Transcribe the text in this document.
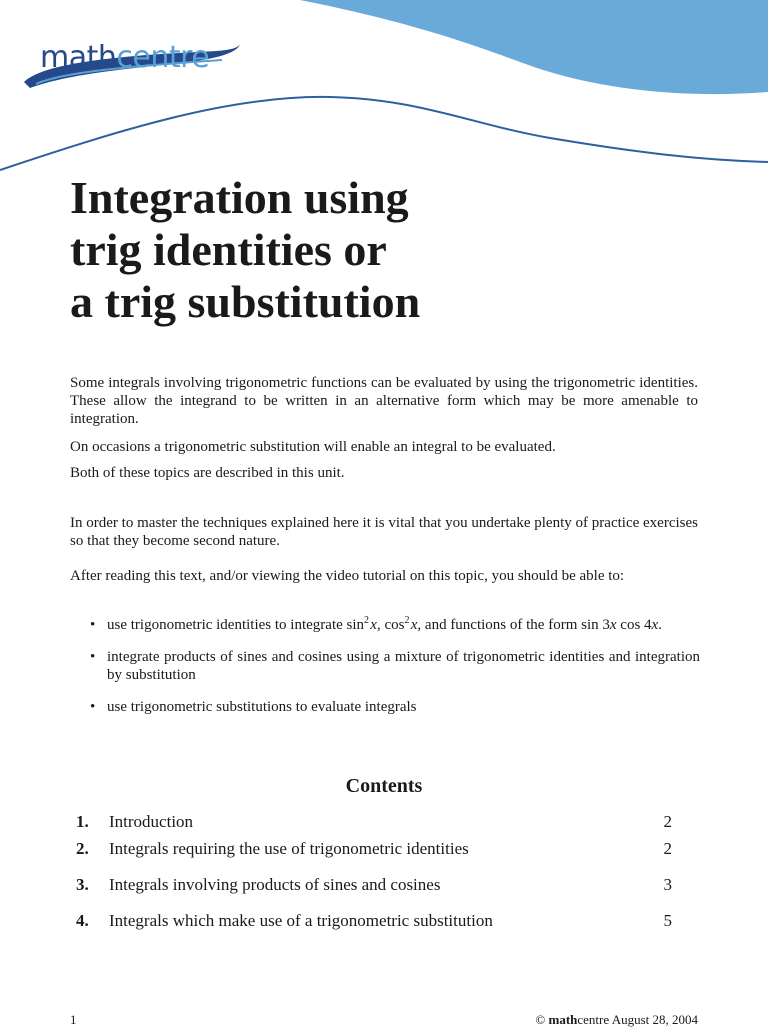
mathcentre
Integration using
trig identities or
a trig substitution

Some integrals involving trigonometric functions can be evaluated by using the trigonometric identities. These allow the integrand to be written in an alternative form which may be more amenable to integration.

On occasions a trigonometric substitution will enable an integral to be evaluated.

Both of these topics are described in this unit.

In order to master the techniques explained here it is vital that you undertake plenty of practice exercises so that they become second nature.

After reading this text, and/or viewing the video tutorial on this topic, you should be able to:

• use trigonometric identities to integrate $\sin^2$ x, $\cos^2$ x, and functions of the form sin 3x cos 4x.
• integrate products of sines and cosines using a mixture of trigonometric identities and integration by substitution
• use trigonometric substitutions to evaluate integrals
Contents
1. Introduction	2
2. Integrals requiring the use of trigonometric identities	2
3. Integrals involving products of sines and cosines	3
4. Integrals which make use of a trigonometric substitution	5
1	© mathcentre August 28, 2004
